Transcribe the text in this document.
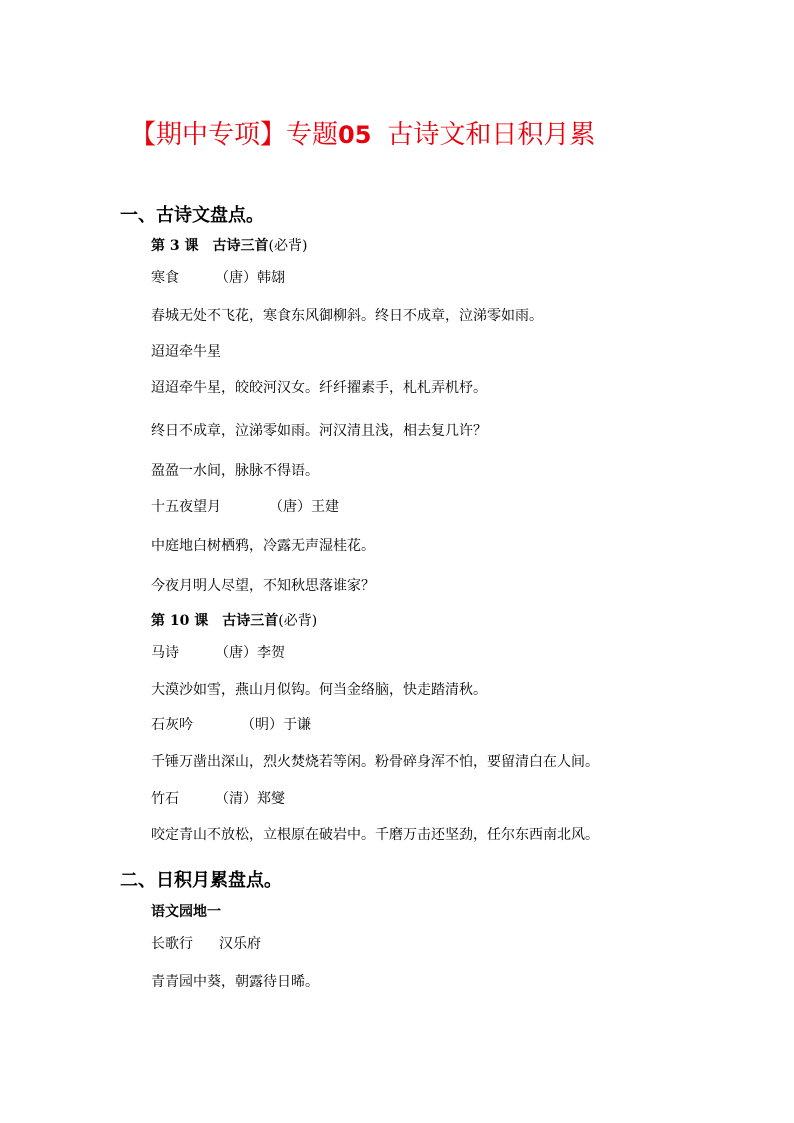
【期中专项】专题05 古诗文和日积月累
一、古诗文盘点。
第 3 课 古诗三首(必背)
寒食	（唐）韩翃
春城无处不飞花，寒食东风御柳斜。终日不成章，泣涕零如雨。
迢迢牵牛星
迢迢牵牛星，皎皎河汉女。纤纤擢素手，札札弄机杼。
终日不成章，泣涕零如雨。河汉清且浅，相去复几许？
盈盈一水间，脉脉不得语。
十五夜望月	（唐）王建
中庭地白树栖鸦，冷露无声湿桂花。
今夜月明人尽望，不知秋思落谁家？
第 10 课 古诗三首(必背)
马诗	（唐）李贺
大漠沙如雪，燕山月似钩。何当金络脑，快走踏清秋。
石灰吟	（明）于谦
千锤万凿出深山，烈火焚烧若等闲。粉骨碎身浑不怕，要留清白在人间。
竹石	（清）郑燮
咬定青山不放松，立根原在破岩中。千磨万击还坚劲，任尔东西南北风。
二、日积月累盘点。
语文园地一
长歌行 汉乐府
青青园中葵，朝露待日晞。
